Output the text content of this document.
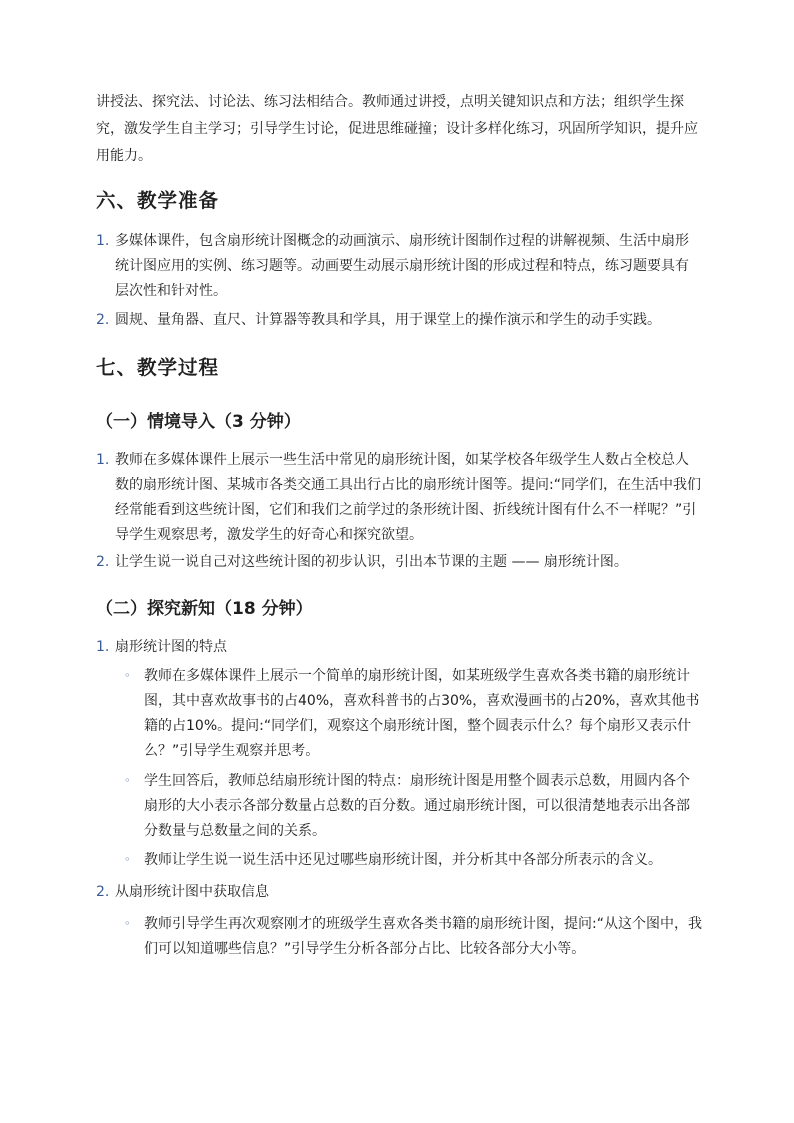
讲授法、探究法、讨论法、练习法相结合。教师通过讲授，点明关键知识点和方法；组织学生探究，激发学生自主学习；引导学生讨论，促进思维碰撞；设计多样化练习，巩固所学知识，提升应用能力。

六、教学准备
1. 多媒体课件，包含扇形统计图概念的动画演示、扇形统计图制作过程的讲解视频、生活中扇形统计图应用的实例、练习题等。动画要生动展示扇形统计图的形成过程和特点，练习题要具有层次性和针对性。
2. 圆规、量角器、直尺、计算器等教具和学具，用于课堂上的操作演示和学生的动手实践。
七、教学过程
（一）情境导入（3 分钟）
1. 教师在多媒体课件上展示一些生活中常见的扇形统计图，如某学校各年级学生人数占全校总人数的扇形统计图、某城市各类交通工具出行占比的扇形统计图等。提问:“同学们，在生活中我们经常能看到这些统计图，它们和我们之前学过的条形统计图、折线统计图有什么不一样呢？”引导学生观察思考，激发学生的好奇心和探究欲望。
2. 让学生说一说自己对这些统计图的初步认识，引出本节课的主题 —— 扇形统计图。
（二）探究新知（18 分钟）
1. 扇形统计图的特点
◦ 教师在多媒体课件上展示一个简单的扇形统计图，如某班级学生喜欢各类书籍的扇形统计图，其中喜欢故事书的占40%，喜欢科普书的占30%，喜欢漫画书的占20%，喜欢其他书籍的占10%。提问:“同学们，观察这个扇形统计图，整个圆表示什么？每个扇形又表示什么？”引导学生观察并思考。
◦ 学生回答后，教师总结扇形统计图的特点：扇形统计图是用整个圆表示总数，用圆内各个扇形的大小表示各部分数量占总数的百分数。通过扇形统计图，可以很清楚地表示出各部分数量与总数量之间的关系。
◦ 教师让学生说一说生活中还见过哪些扇形统计图，并分析其中各部分所表示的含义。
2. 从扇形统计图中获取信息
◦ 教师引导学生再次观察刚才的班级学生喜欢各类书籍的扇形统计图，提问:“从这个图中，我们可以知道哪些信息？”引导学生分析各部分占比、比较各部分大小等。
